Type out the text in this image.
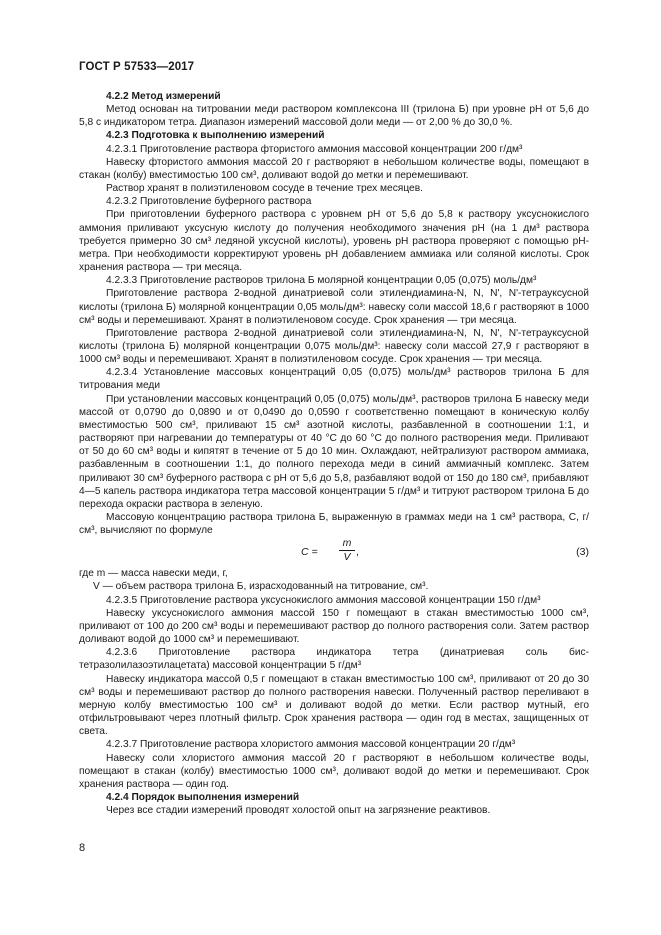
ГОСТ Р 57533—2017

4.2.2 Метод измерений

Метод основан на титровании меди раствором комплексона III (трилона Б) при уровне pH от 5,6 до 5,8 с индикатором тетра. Диапазон измерений массовой доли меди — от 2,00 % до 30,0 %.

4.2.3 Подготовка к выполнению измерений

4.2.3.1 Приготовление раствора фтористого аммония массовой концентрации 200 г/дм³

Навеску фтористого аммония массой 20 г растворяют в небольшом количестве воды, помещают в стакан (колбу) вместимостью 100 см³, доливают водой до метки и перемешивают.

Раствор хранят в полиэтиленовом сосуде в течение трех месяцев.

4.2.3.2 Приготовление буферного раствора

При приготовлении буферного раствора с уровнем pH от 5,6 до 5,8 к раствору уксуснокислого аммония приливают уксусную кислоту до получения необходимого значения pH (на 1 дм³ раствора требуется примерно 30 см³ ледяной уксусной кислоты), уровень pH раствора проверяют с помощью pH-метра. При необходимости корректируют уровень pH добавлением аммиака или соляной кислоты. Срок хранения раствора — три месяца.

4.2.3.3 Приготовление растворов трилона Б молярной концентрации 0,05 (0,075) моль/дм³

Приготовление раствора 2-водной динатриевой соли этилендиамина-N, N, N', N'-тетрауксусной кислоты (трилона Б) молярной концентрации 0,05 моль/дм³: навеску соли массой 18,6 г растворяют в 1000 см³ воды и перемешивают. Хранят в полиэтиленовом сосуде. Срок хранения — три месяца.

Приготовление раствора 2-водной динатриевой соли этилендиамина-N, N, N', N'-тетрауксусной кислоты (трилона Б) молярной концентрации 0,075 моль/дм³: навеску соли массой 27,9 г растворяют в 1000 см³ воды и перемешивают. Хранят в полиэтиленовом сосуде. Срок хранения — три месяца.

4.2.3.4 Установление массовых концентраций 0,05 (0,075) моль/дм³ растворов трилона Б для титрования меди

При установлении массовых концентраций 0,05 (0,075) моль/дм³, растворов трилона Б навеску меди массой от 0,0790 до 0,0890 и от 0,0490 до 0,0590 г соответственно помещают в коническую колбу вместимостью 500 см³, приливают 15 см³ азотной кислоты, разбавленной в соотношении 1:1, и растворяют при нагревании до температуры от 40 °С до 60 °С до полного растворения меди. Приливают от 50 до 60 см³ воды и кипятят в течение от 5 до 10 мин. Охлаждают, нейтрализуют раствором аммиака, разбавленным в соотношении 1:1, до полного перехода меди в синий аммиачный комплекс. Затем приливают 30 см³ буферного раствора с pH от 5,6 до 5,8, разбавляют водой от 150 до 180 см³, прибавляют 4—5 капель раствора индикатора тетра массовой концентрации 5 г/дм³ и титруют раствором трилона Б до перехода окраски раствора в зеленую.

Массовую концентрацию раствора трилона Б, выраженную в граммах меди на 1 см³ раствора, C, г/см³, вычисляют по формуле

$C = \frac{m}{V}$ ,	(3)

где m — масса навески меди, г,

V — объем раствора трилона Б, израсходованный на титрование, см³.

4.2.3.5 Приготовление раствора уксуснокислого аммония массовой концентрации 150 г/дм³

Навеску уксуснокислого аммония массой 150 г помещают в стакан вместимостью 1000 см³, приливают от 100 до 200 см³ воды и перемешивают раствор до полного растворения соли. Затем раствор доливают водой до 1000 см³ и перемешивают.

4.2.3.6 Приготовление раствора индикатора тетра (динатриевая соль бис-тетразолилазоэтилацетата) массовой концентрации 5 г/дм³

Навеску индикатора массой 0,5 г помещают в стакан вместимостью 100 см³, приливают от 20 до 30 см³ воды и перемешивают раствор до полного растворения навески. Полученный раствор переливают в мерную колбу вместимостью 100 см³ и доливают водой до метки. Если раствор мутный, его отфильтровывают через плотный фильтр. Срок хранения раствора — один год в местах, защищенных от света.

4.2.3.7 Приготовление раствора хлористого аммония массовой концентрации 20 г/дм³

Навеску соли хлористого аммония массой 20 г растворяют в небольшом количестве воды, помещают в стакан (колбу) вместимостью 1000 см³, доливают водой до метки и перемешивают. Срок хранения раствора — один год.

4.2.4 Порядок выполнения измерений

Через все стадии измерений проводят холостой опыт на загрязнение реактивов.

8
